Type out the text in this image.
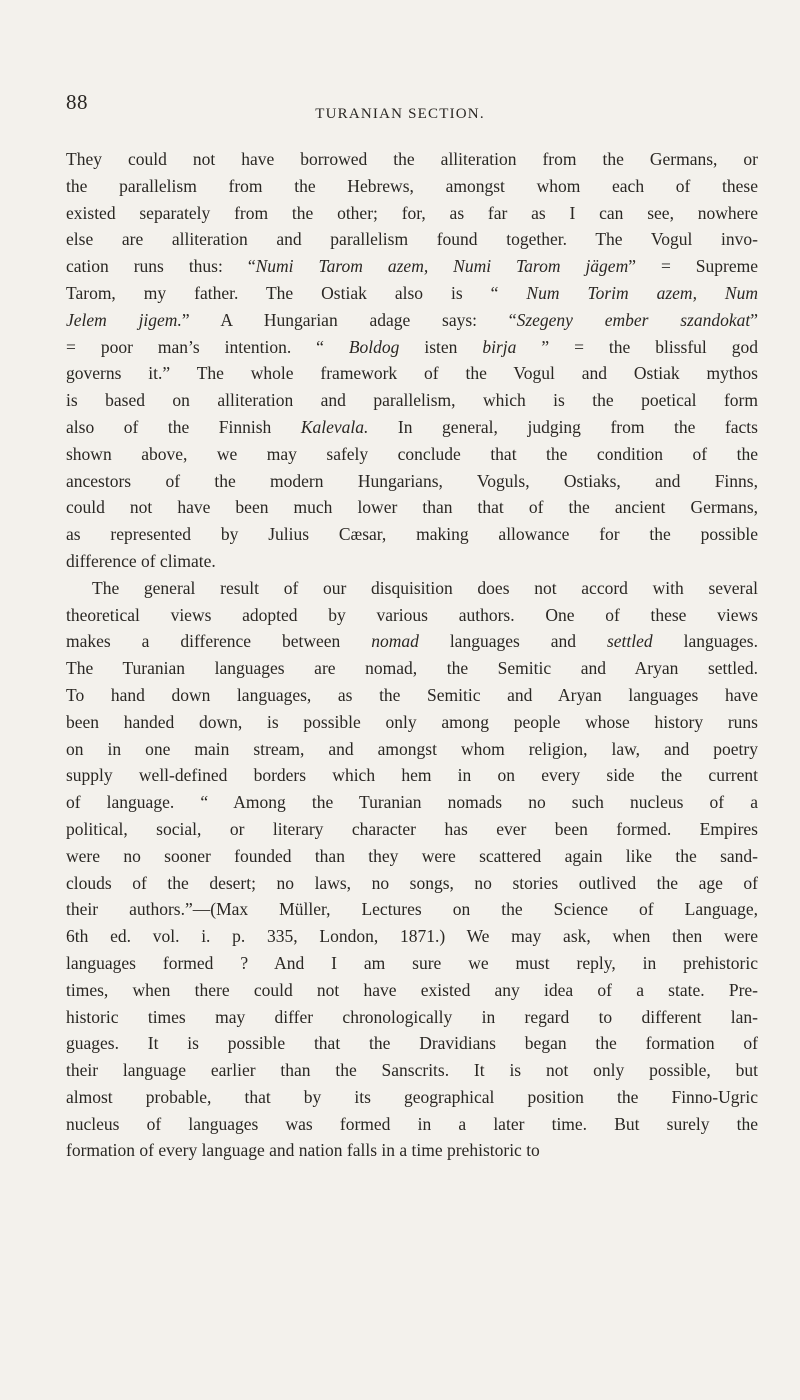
88	TURANIAN SECTION.
They could not have borrowed the alliteration from the Germans, or
the parallelism from the Hebrews, amongst whom each of these
existed separately from the other; for, as far as I can see, nowhere
else are alliteration and parallelism found together. The Vogul invo-
cation runs thus: “Numi Tarom azem, Numi Tarom jägem” = Supreme
Tarom, my father. The Ostiak also is “ Num Torim azem, Num
Jelem jigem.” A Hungarian adage says: “Szegeny ember szandokat”
= poor man’s intention. “ Boldog isten birja ” = the blissful god
governs it.” The whole framework of the Vogul and Ostiak mythos
is based on alliteration and parallelism, which is the poetical form
also of the Finnish Kalevala. In general, judging from the facts
shown above, we may safely conclude that the condition of the
ancestors of the modern Hungarians, Voguls, Ostiaks, and Finns,
could not have been much lower than that of the ancient Germans,
as represented by Julius Cæsar, making allowance for the possible
difference of climate.
The general result of our disquisition does not accord with several
theoretical views adopted by various authors. One of these views
makes a difference between nomad languages and settled languages.
The Turanian languages are nomad, the Semitic and Aryan settled.
To hand down languages, as the Semitic and Aryan languages have
been handed down, is possible only among people whose history runs
on in one main stream, and amongst whom religion, law, and poetry
supply well-defined borders which hem in on every side the current
of language. “ Among the Turanian nomads no such nucleus of a
political, social, or literary character has ever been formed. Empires
were no sooner founded than they were scattered again like the sand-
clouds of the desert; no laws, no songs, no stories outlived the age of
their authors.”—(Max Müller, Lectures on the Science of Language,
6th ed. vol. i. p. 335, London, 1871.) We may ask, when then were
languages formed ? And I am sure we must reply, in prehistoric
times, when there could not have existed any idea of a state. Pre-
historic times may differ chronologically in regard to different lan-
guages. It is possible that the Dravidians began the formation of
their language earlier than the Sanscrits. It is not only possible, but
almost probable, that by its geographical position the Finno-Ugric
nucleus of languages was formed in a later time. But surely the
formation of every language and nation falls in a time prehistoric to
